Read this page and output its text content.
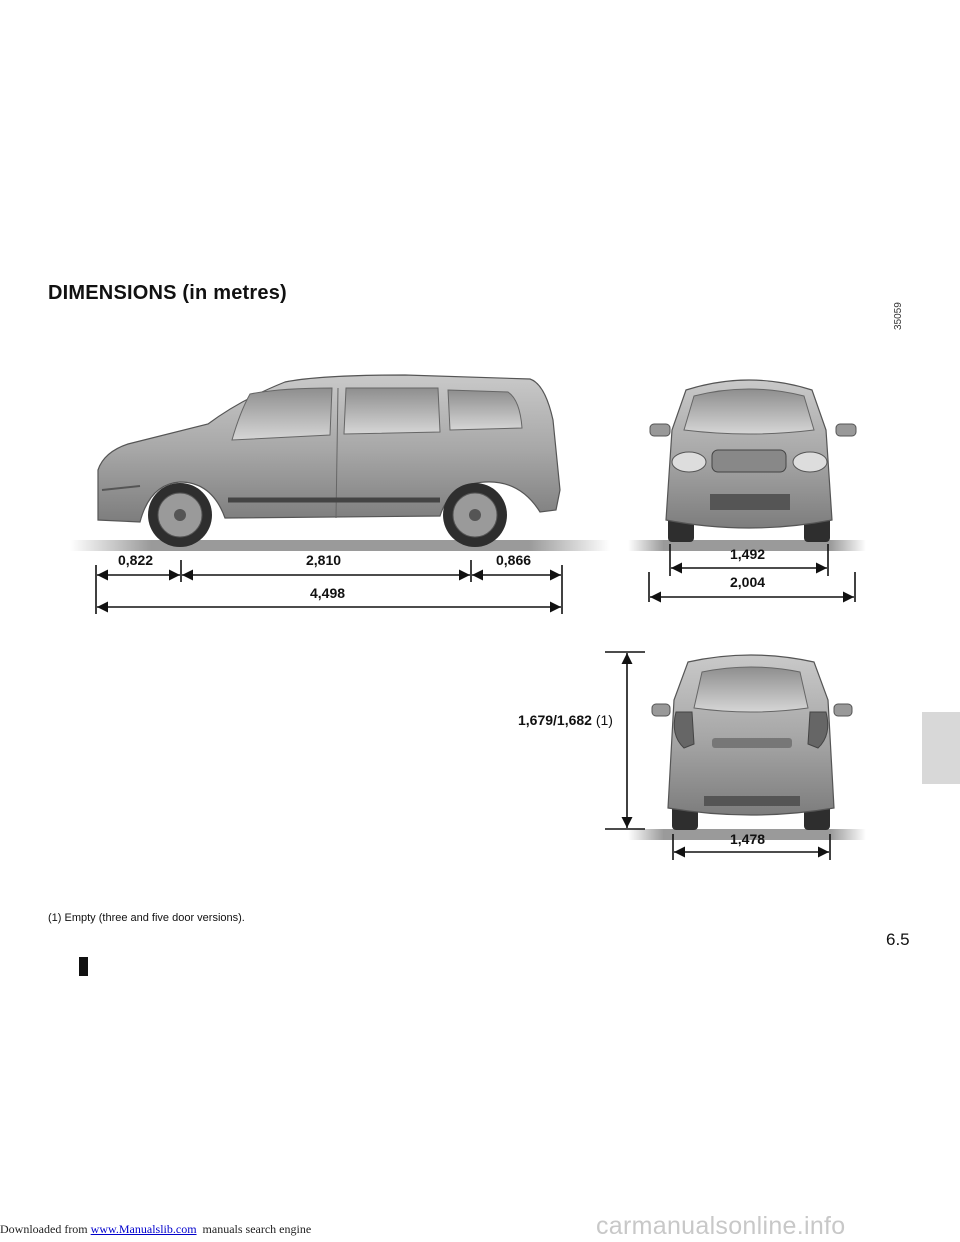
DIMENSIONS (in metres)
35059
0,822	2,810	0,866
4,498
1,492
2,004
1,679/1,682 (1)
1,478
(1) Empty (three and five door versions).
6.5
Downloaded from www.Manualslib.com  manuals search engine	carmanualsonline.info
